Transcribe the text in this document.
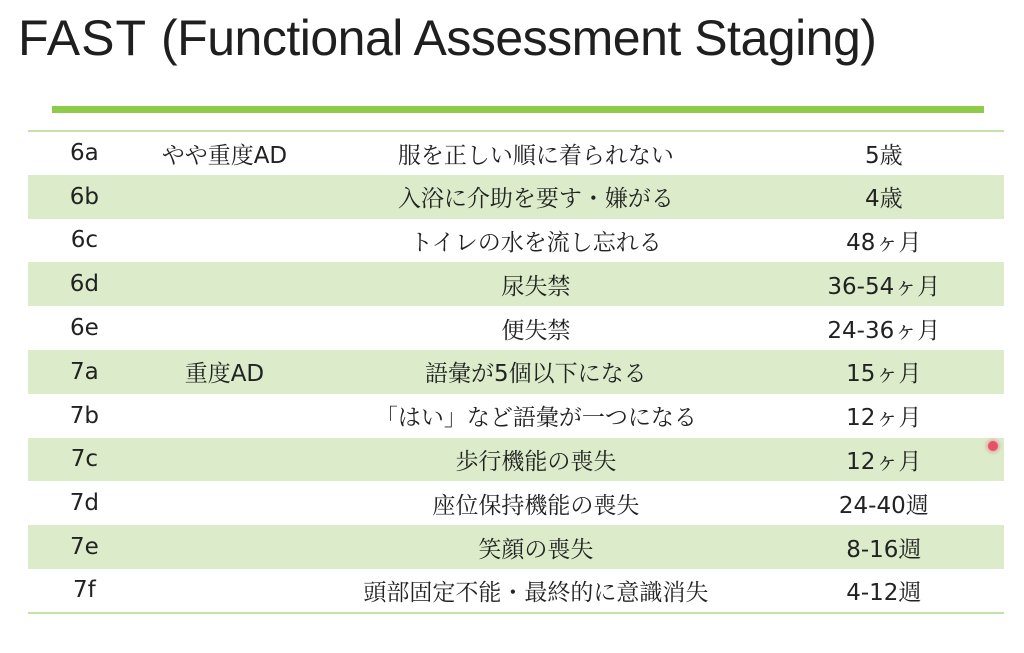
FAST (Functional Assessment Staging)
6a	やや重度AD	服を正しい順に着られない	5歳
6b		入浴に介助を要す・嫌がる	4歳
6c		トイレの水を流し忘れる	48ヶ月
6d		尿失禁	36-54ヶ月
6e		便失禁	24-36ヶ月
7a	重度AD	語彙が5個以下になる	15ヶ月
7b		「はい」など語彙が一つになる	12ヶ月
7c		歩行機能の喪失	12ヶ月
7d		座位保持機能の喪失	24-40週
7e		笑顔の喪失	8-16週
7f		頭部固定不能・最終的に意識消失	4-12週
